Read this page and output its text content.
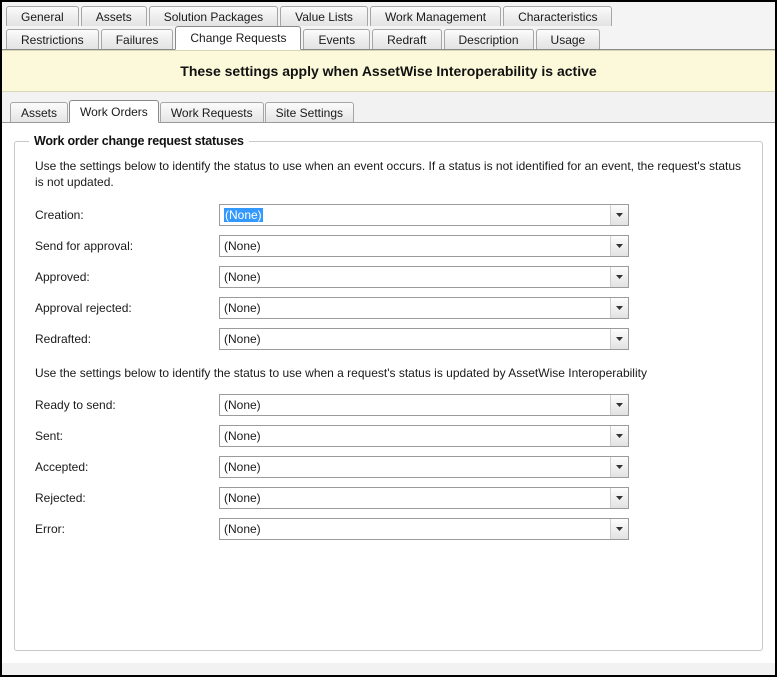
General	Assets	Solution Packages	Value Lists	Work Management	Characteristics
Restrictions	Failures	Change Requests	Events	Redraft	Description	Usage
These settings apply when AssetWise Interoperability is active
Assets	Work Orders	Work Requests	Site Settings
Work order change request statuses
Use the settings below to identify the status to use when an event occurs. If a status is not identified for an event, the request's status is not updated.
Creation:	(None)
Send for approval:	(None)
Approved:	(None)
Approval rejected:	(None)
Redrafted:	(None)
Use the settings below to identify the status to use when a request's status is updated by AssetWise Interoperability
Ready to send:	(None)
Sent:	(None)
Accepted:	(None)
Rejected:	(None)
Error:	(None)
